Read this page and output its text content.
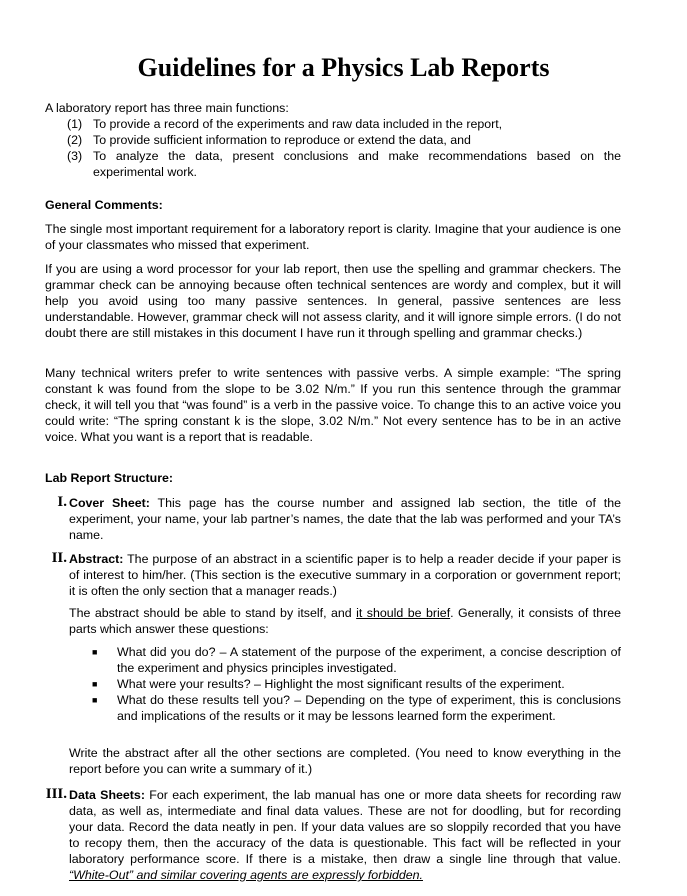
Guidelines for a Physics Lab Reports
A laboratory report has three main functions:
(1) To provide a record of the experiments and raw data included in the report,
(2) To provide sufficient information to reproduce or extend the data, and
(3) To analyze the data, present conclusions and make recommendations based on the experimental work.
General Comments:
The single most important requirement for a laboratory report is clarity. Imagine that your audience is one of your classmates who missed that experiment.
If you are using a word processor for your lab report, then use the spelling and grammar checkers. The grammar check can be annoying because often technical sentences are wordy and complex, but it will help you avoid using too many passive sentences. In general, passive sentences are less understandable. However, grammar check will not assess clarity, and it will ignore simple errors. (I do not doubt there are still mistakes in this document I have run it through spelling and grammar checks.)
Many technical writers prefer to write sentences with passive verbs. A simple example: “The spring constant k was found from the slope to be 3.02 N/m.” If you run this sentence through the grammar check, it will tell you that “was found” is a verb in the passive voice. To change this to an active voice you could write: “The spring constant k is the slope, 3.02 N/m.” Not every sentence has to be in an active voice. What you want is a report that is readable.
Lab Report Structure:
I. Cover Sheet: This page has the course number and assigned lab section, the title of the experiment, your name, your lab partner’s names, the date that the lab was performed and your TA’s name.
II. Abstract: The purpose of an abstract in a scientific paper is to help a reader decide if your paper is of interest to him/her. (This section is the executive summary in a corporation or government report; it is often the only section that a manager reads.)
The abstract should be able to stand by itself, and it should be brief. Generally, it consists of three parts which answer these questions:
■ What did you do? – A statement of the purpose of the experiment, a concise description of the experiment and physics principles investigated.
■ What were your results? – Highlight the most significant results of the experiment.
■ What do these results tell you? – Depending on the type of experiment, this is conclusions and implications of the results or it may be lessons learned form the experiment.
Write the abstract after all the other sections are completed. (You need to know everything in the report before you can write a summary of it.)
III. Data Sheets: For each experiment, the lab manual has one or more data sheets for recording raw data, as well as, intermediate and final data values. These are not for doodling, but for recording your data. Record the data neatly in pen. If your data values are so sloppily recorded that you have to recopy them, then the accuracy of the data is questionable. This fact will be reflected in your laboratory performance score. If there is a mistake, then draw a single line through that value. “White-Out” and similar covering agents are expressly forbidden.
